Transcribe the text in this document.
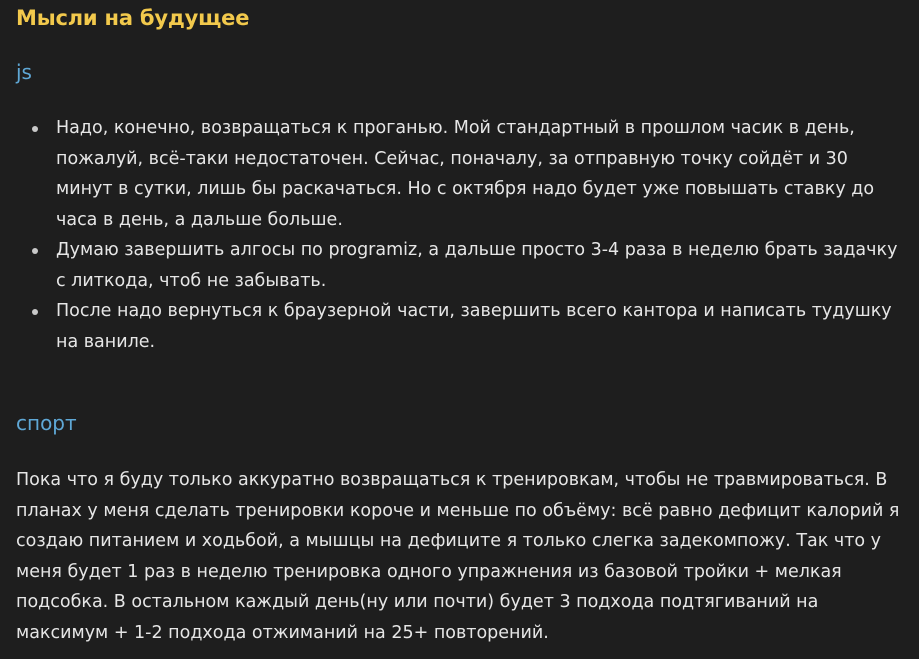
Мысли на будущее
js
Надо, конечно, возвращаться к проганью. Мой стандартный в прошлом часик в день, пожалуй, всё-таки недостаточен. Сейчас, поначалу, за отправную точку сойдёт и 30 минут в сутки, лишь бы раскачаться. Но с октября надо будет уже повышать ставку до часа в день, а дальше больше.
Думаю завершить алгосы по programiz, а дальше просто 3-4 раза в неделю брать задачку с литкода, чтоб не забывать.
После надо вернуться к браузерной части, завершить всего кантора и написать тудушку на ваниле.
спорт

Пока что я буду только аккуратно возвращаться к тренировкам, чтобы не травмироваться. В планах у меня сделать тренировки короче и меньше по объёму: всё равно дефицит калорий я создаю питанием и ходьбой, а мышцы на дефиците я только слегка задекомпожу. Так что у меня будет 1 раз в неделю тренировка одного упражнения из базовой тройки + мелкая подсобка. В остальном каждый день(ну или почти) будет 3 подхода подтягиваний на максимум + 1-2 подхода отжиманий на 25+ повторений.
